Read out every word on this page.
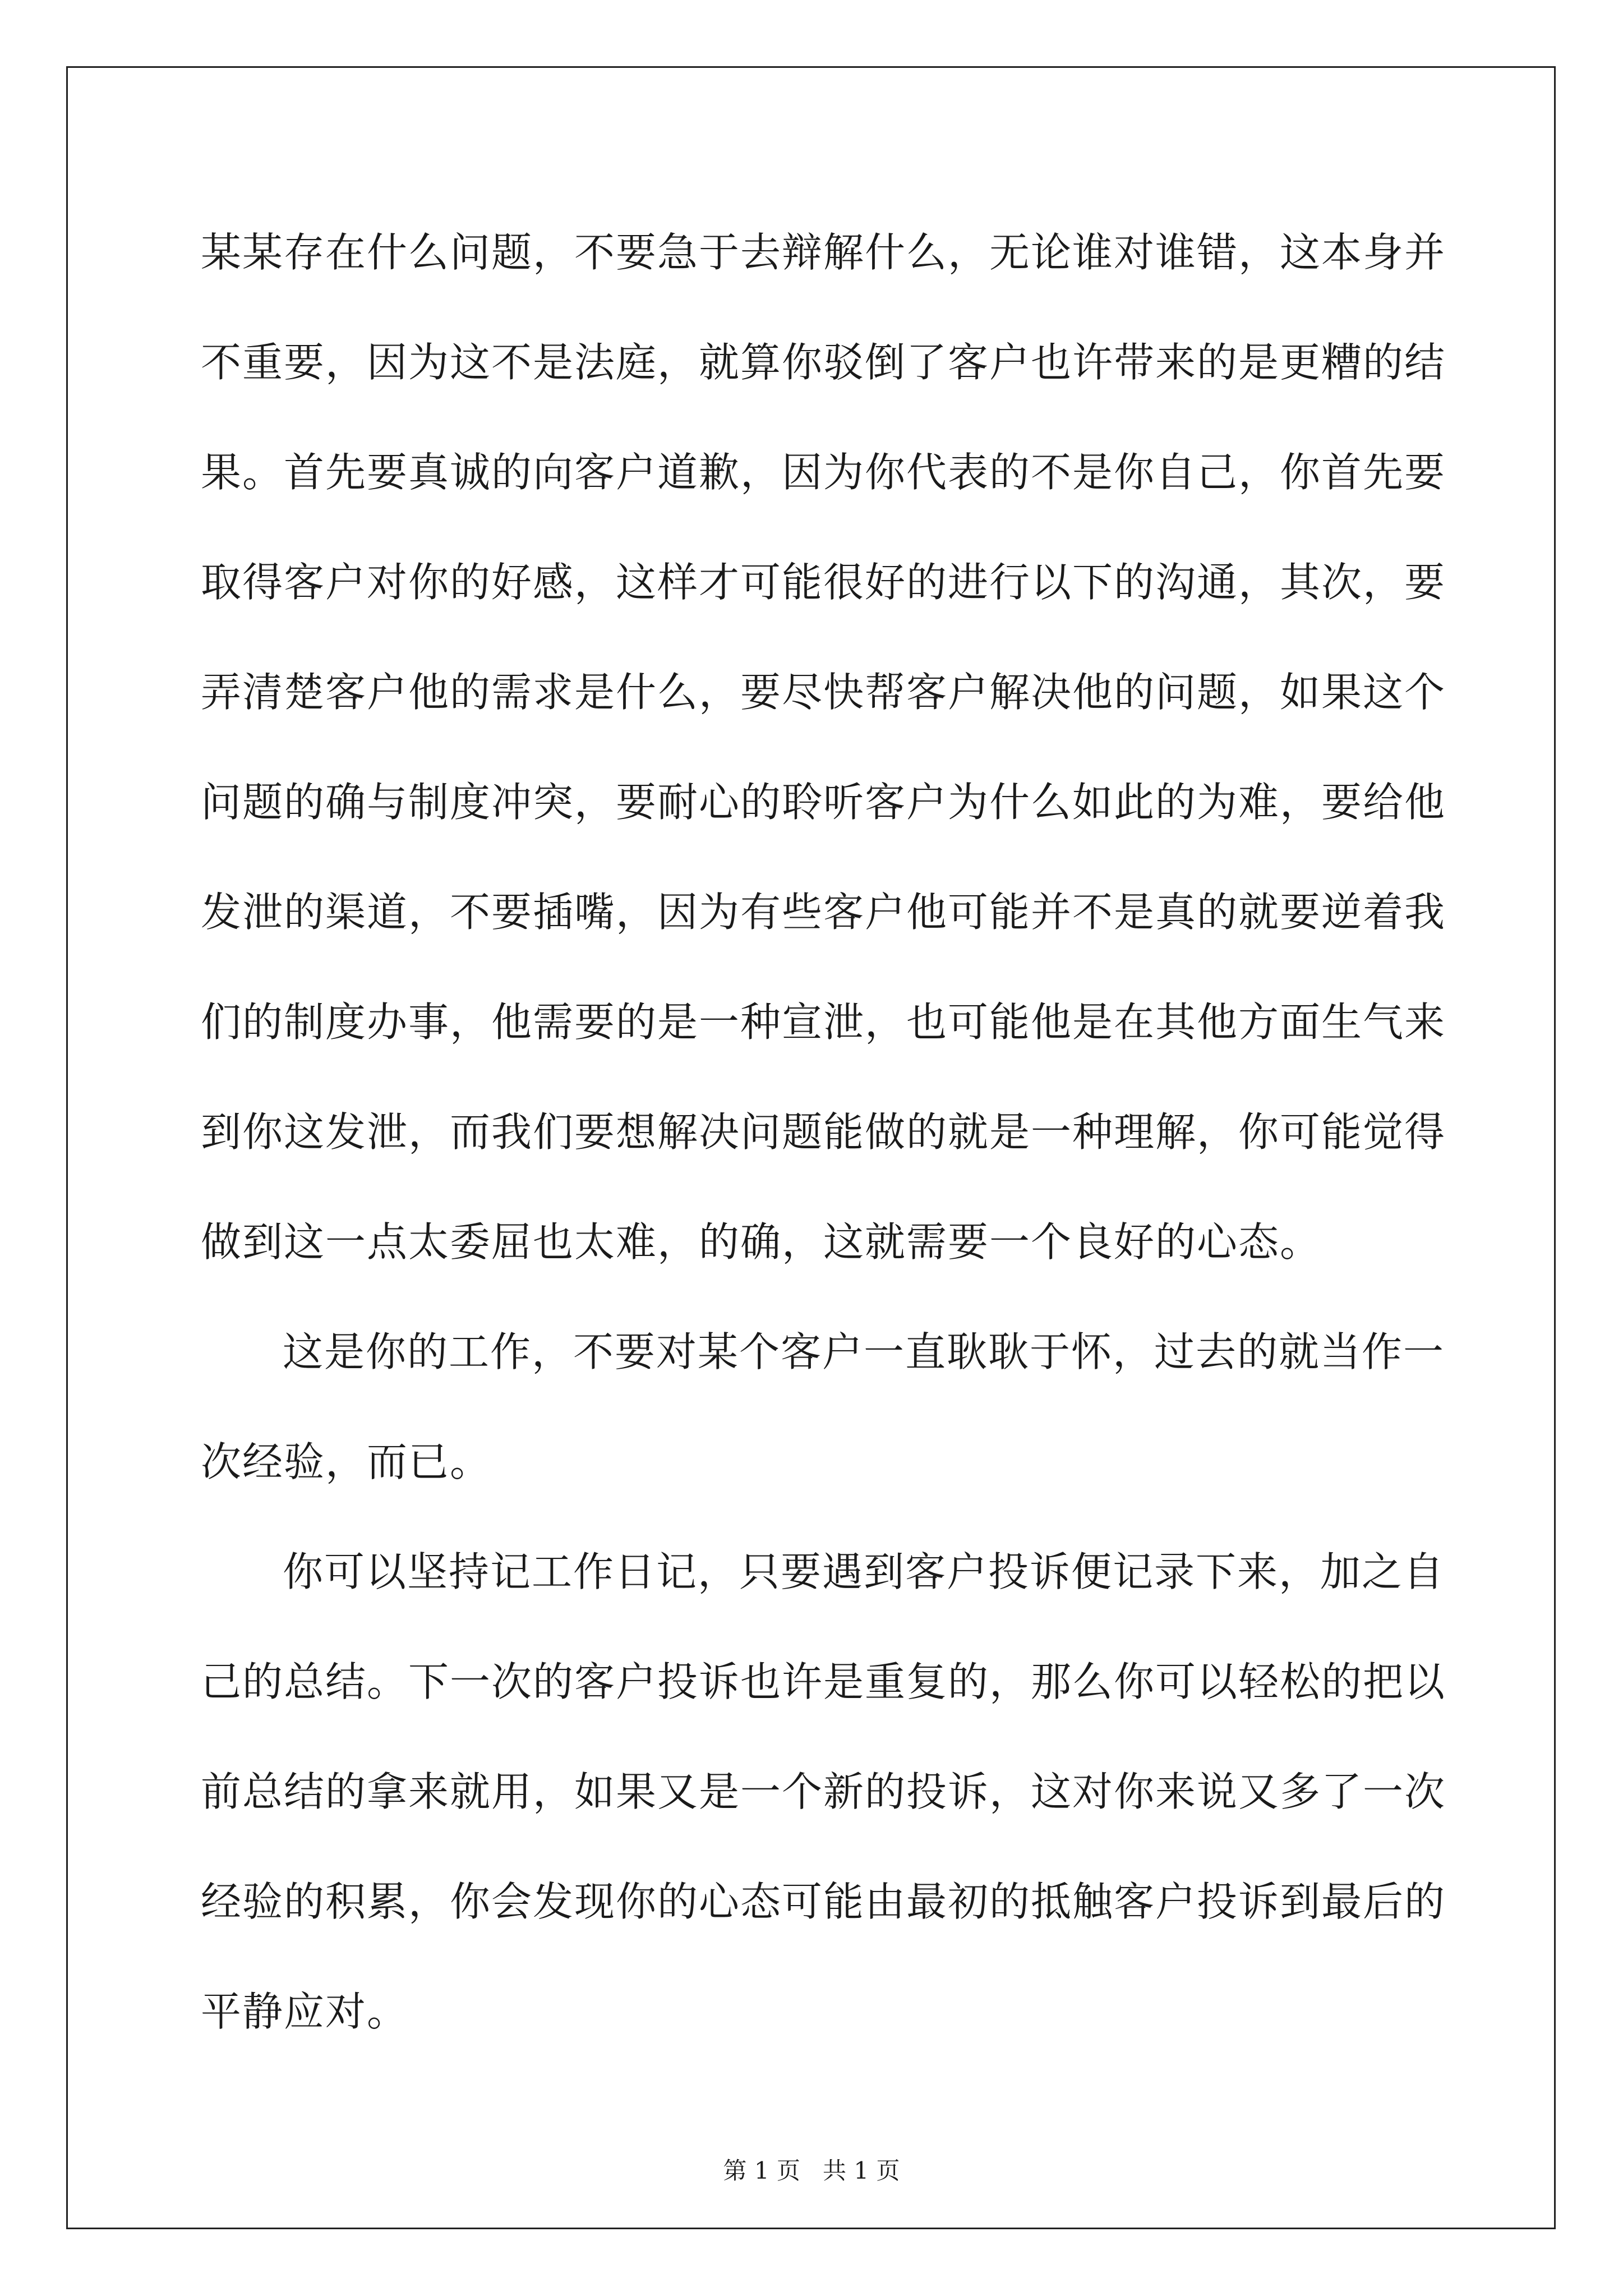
某某存在什么问题，不要急于去辩解什么，无论谁对谁错，这本身并
不重要，因为这不是法庭，就算你驳倒了客户也许带来的是更糟的结
果。首先要真诚的向客户道歉，因为你代表的不是你自己，你首先要
取得客户对你的好感，这样才可能很好的进行以下的沟通，其次，要
弄清楚客户他的需求是什么，要尽快帮客户解决他的问题，如果这个
问题的确与制度冲突，要耐心的聆听客户为什么如此的为难，要给他
发泄的渠道，不要插嘴，因为有些客户他可能并不是真的就要逆着我
们的制度办事，他需要的是一种宣泄，也可能他是在其他方面生气来
到你这发泄，而我们要想解决问题能做的就是一种理解，你可能觉得
做到这一点太委屈也太难，的确，这就需要一个良好的心态。
这是你的工作，不要对某个客户一直耿耿于怀，过去的就当作一
次经验，而已。
你可以坚持记工作日记，只要遇到客户投诉便记录下来，加之自
己的总结。下一次的客户投诉也许是重复的，那么你可以轻松的把以
前总结的拿来就用，如果又是一个新的投诉，这对你来说又多了一次
经验的积累，你会发现你的心态可能由最初的抵触客户投诉到最后的
平静应对。
第 1 页 共 1 页
